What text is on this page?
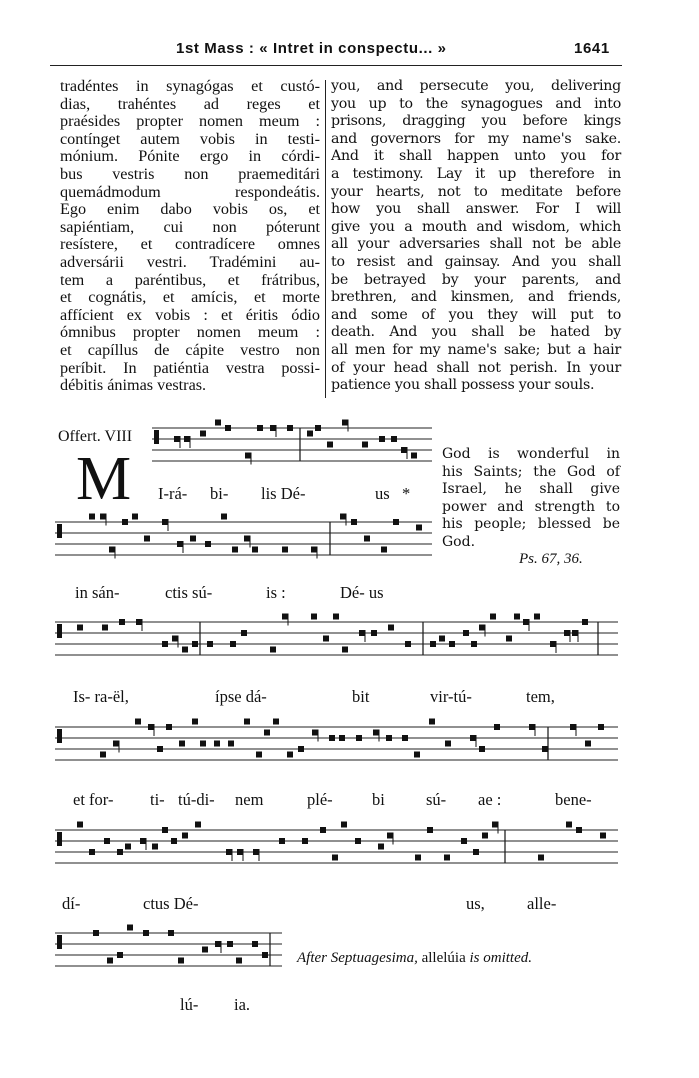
1st Mass : « Intret in conspectu... »	1641
tradéntes in synagógas et custó-
dias, trahéntes ad reges et
praésides propter nomen meum :
contínget autem vobis in testi-
mónium. Pónite ergo in córdi-
bus vestris non praemeditári
quemádmodum respondeátis.
Ego enim dabo vobis os, et
sapiéntiam, cui non póterunt
resístere, et contradícere omnes
adversárii vestri. Tradémini au-
tem a paréntibus, et frátribus,
et cognátis, et amícis, et morte
affícient ex vobis : et éritis ódio
ómnibus propter nomen meum :
et capíllus de cápite vestro non
períbit. In patiéntia vestra possi-
débitis ánimas vestras.
you, and persecute you, delivering
you up to the synagogues and into
prisons, dragging you before kings
and governors for my name's sake.
And it shall happen unto you for
a testimony. Lay it up therefore in
your hearts, not to meditate before
how you shall answer. For I will
give you a mouth and wisdom, which
all your adversaries shall not be able
to resist and gainsay. And you shall
be betrayed by your parents, and
brethren, and kinsmen, and friends,
and some of you they will put to
death. And you shall be hated by
all men for my name's sake; but a hair
of your head shall not perish. In your
patience you shall possess your souls.
Offert. VIII
M	God is wonderful in
his Saints; the God of
Israel, he shall give
power and strength to
his people; blessed be
God.
Ps. 67, 36.
I-rá- bi- lis Dé-	us *
in sán-	ctis sú-	is :	Dé- us
Is- ra-ël,	ípse dá-	bit	vir-tú-	tem,
et for- ti- tú-di- nem	plé- bi sú- ae :	bene-
dí-	ctus Dé-	us,	alle-
lú- ia.
After Septuagesima, allelúia is omitted.
